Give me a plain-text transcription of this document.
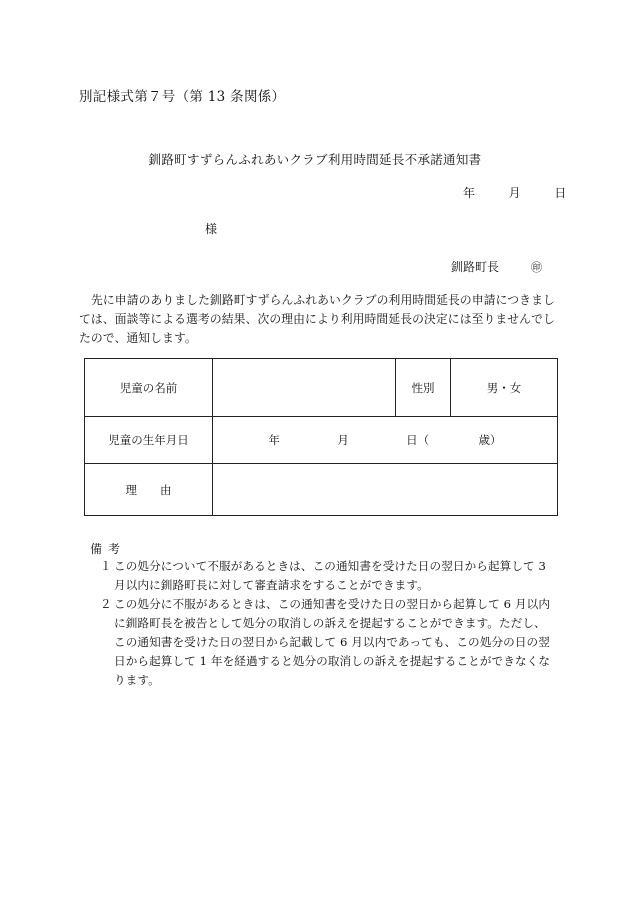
別記様式第７号（第 13 条関係）
釧路町すずらんふれあいクラブ利用時間延長不承諾通知書
年	月	日
様
釧路町長	㊞
先に申請のありました釧路町すずらんふれあいクラブの利用時間延長の申請につきましては、面談等による選考の結果、次の理由により利用時間延長の決定には至りませんでしたので、通知します。
児童の名前		性別	男・女
児童の生年月日	年 月 日（ 歳）		
理　　由			
備考
１ この処分について不服があるときは、この通知書を受けた日の翌日から起算して 3 月以内に釧路町長に対して審査請求をすることができます。
２ この処分に不服があるときは、この通知書を受けた日の翌日から起算して 6 月以内に釧路町長を被告として処分の取消しの訴えを提起することができます。ただし、この通知書を受けた日の翌日から記載して 6 月以内であっても、この処分の日の翌日から起算して 1 年を経過すると処分の取消しの訴えを提起することができなくなります。
